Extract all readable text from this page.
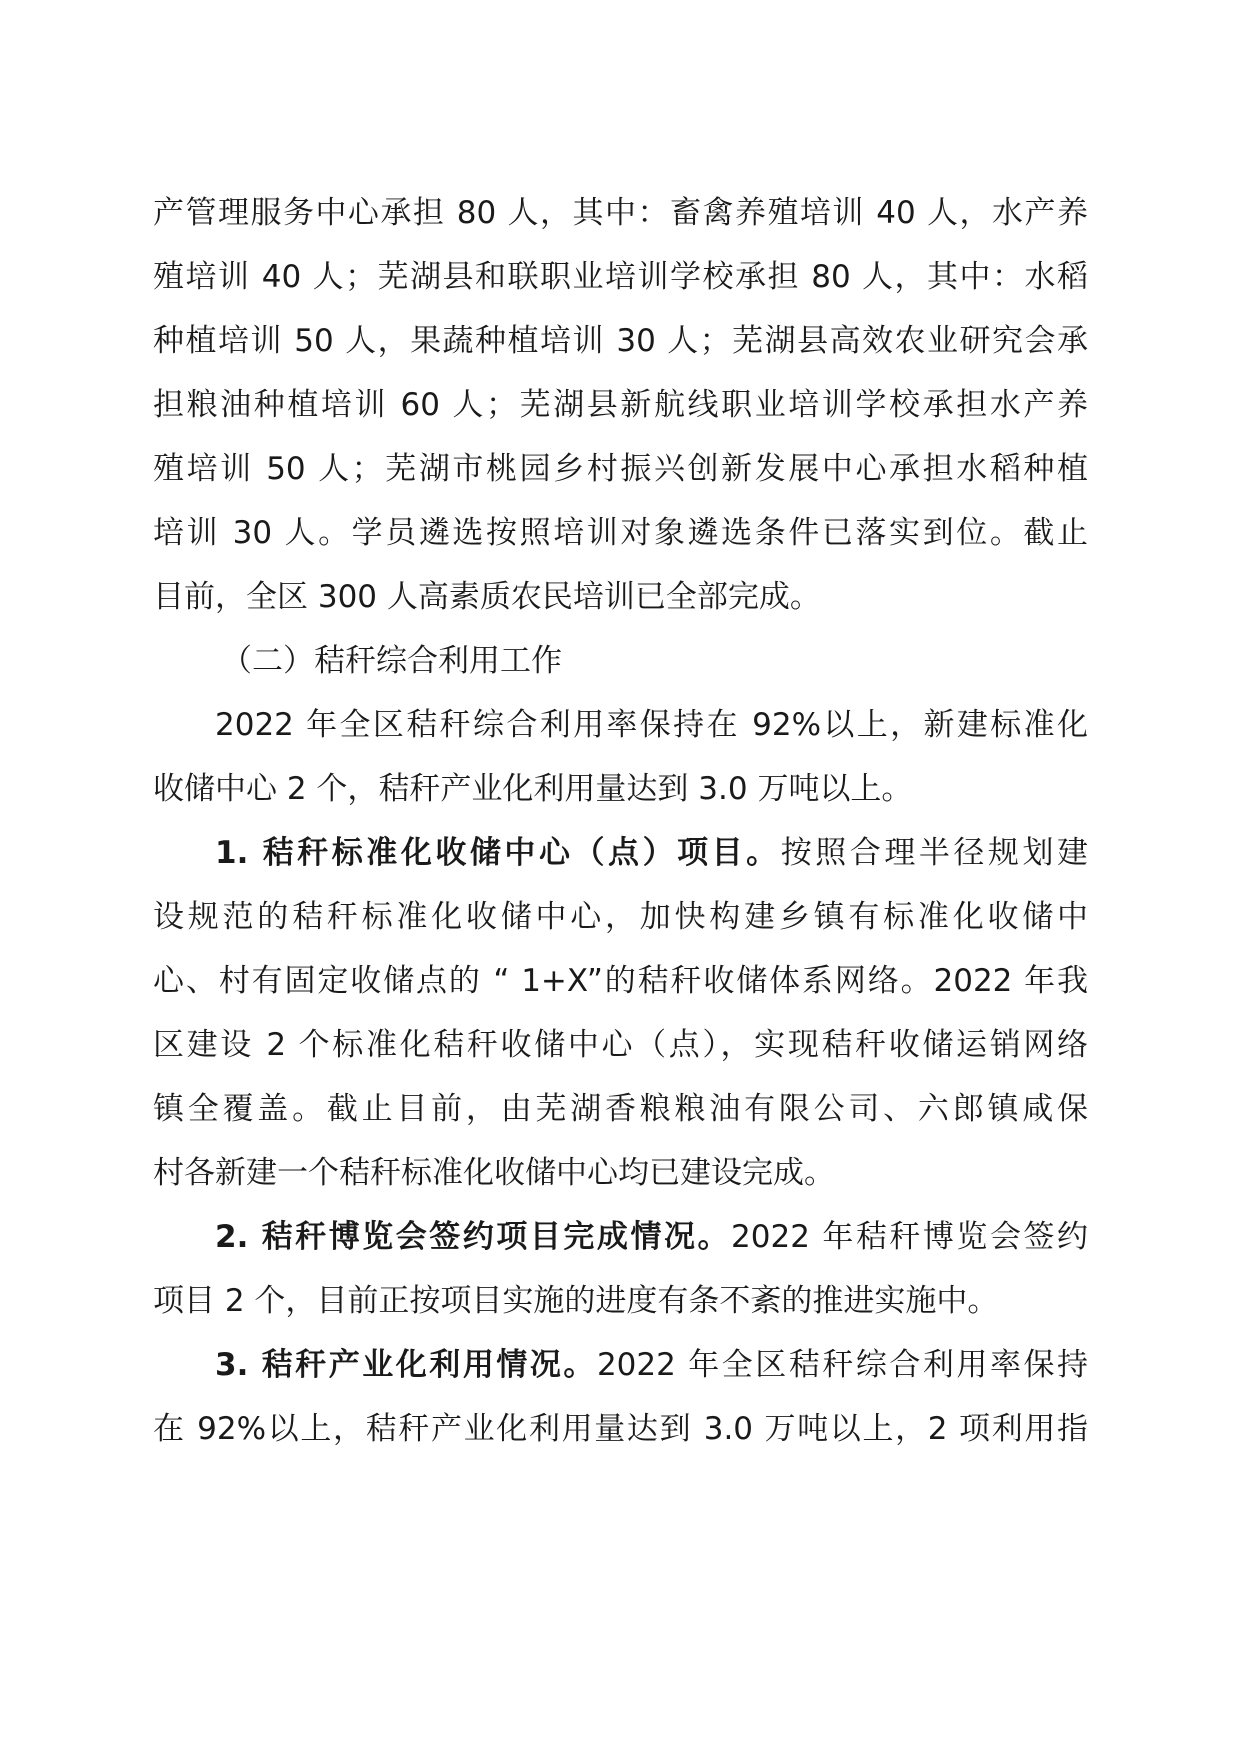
产管理服务中心承担 80 人，其中：畜禽养殖培训 40 人，水产养
殖培训 40 人；芜湖县和联职业培训学校承担 80 人，其中：水稻
种植培训 50 人，果蔬种植培训 30 人；芜湖县高效农业研究会承
担粮油种植培训 60 人；芜湖县新航线职业培训学校承担水产养
殖培训 50 人；芜湖市桃园乡村振兴创新发展中心承担水稻种植
培训 30 人。学员遴选按照培训对象遴选条件已落实到位。截止
目前，全区 300 人高素质农民培训已全部完成。
（二）秸秆综合利用工作
2022 年全区秸秆综合利用率保持在 92%以上，新建标准化
收储中心 2 个，秸秆产业化利用量达到 3.0 万吨以上。
1. 秸秆标准化收储中心（点）项目。按照合理半径规划建
设规范的秸秆标准化收储中心，加快构建乡镇有标准化收储中
心、村有固定收储点的 “ 1+X”的秸秆收储体系网络。2022 年我
区建设 2 个标准化秸秆收储中心（点），实现秸秆收储运销网络
镇全覆盖。截止目前，由芜湖香粮粮油有限公司、六郎镇咸保
村各新建一个秸秆标准化收储中心均已建设完成。
2. 秸秆博览会签约项目完成情况。2022 年秸秆博览会签约
项目 2 个，目前正按项目实施的进度有条不紊的推进实施中。
3. 秸秆产业化利用情况。2022 年全区秸秆综合利用率保持
在 92%以上，秸秆产业化利用量达到 3.0 万吨以上，2 项利用指
